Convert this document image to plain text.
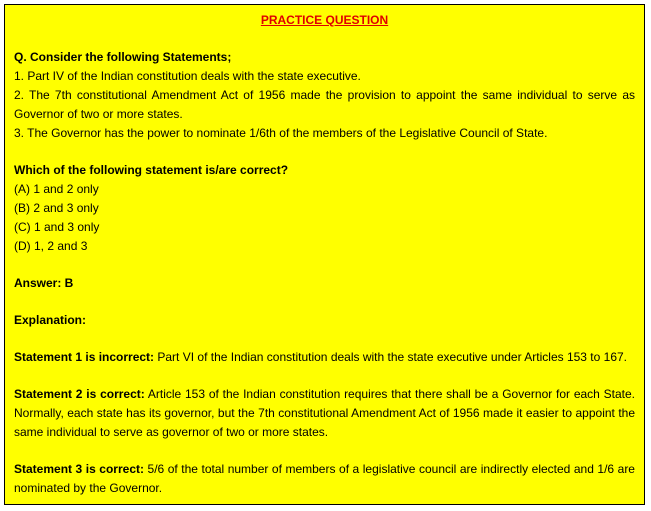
PRACTICE QUESTION

Q. Consider the following Statements;

1. Part IV of the Indian constitution deals with the state executive.

2. The 7th constitutional Amendment Act of 1956 made the provision to appoint the same individual to serve as Governor of two or more states.

3. The Governor has the power to nominate 1/6th of the members of the Legislative Council of State.

Which of the following statement is/are correct?

(A) 1 and 2 only

(B) 2 and 3 only

(C) 1 and 3 only

(D) 1, 2 and 3

Answer: B

Explanation:

Statement 1 is incorrect: Part VI of the Indian constitution deals with the state executive under Articles 153 to 167.

Statement 2 is correct: Article 153 of the Indian constitution requires that there shall be a Governor for each State. Normally, each state has its governor, but the 7th constitutional Amendment Act of 1956 made it easier to appoint the same individual to serve as governor of two or more states.

Statement 3 is correct: 5/6 of the total number of members of a legislative council are indirectly elected and 1/6 are nominated by the Governor.
